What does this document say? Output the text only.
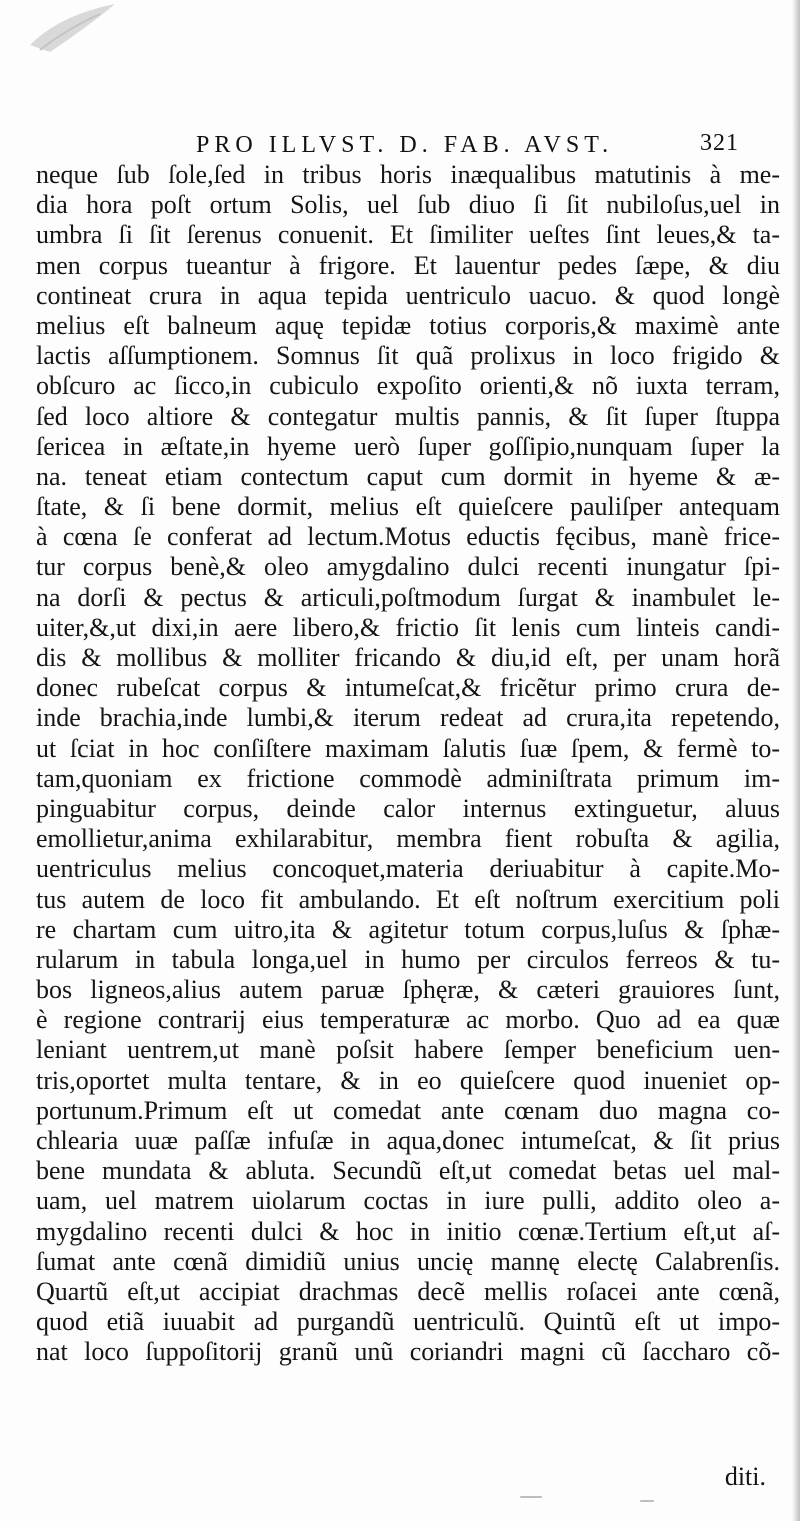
PRO ILLVST. D. FAB. AVST.	321
neque ſub ſole,ſed in tribus horis inæqualibus matutinis à me-
dia hora poſt ortum Solis, uel ſub diuo ſi ſit nubiloſus,uel in
umbra ſi ſit ſerenus conuenit. Et ſimiliter ueſtes ſint leues,& ta-
men corpus tueantur à frigore. Et lauentur pedes ſæpe, & diu
contineat crura in aqua tepida uentriculo uacuo. & quod longè
melius eſt balneum aquę tepidæ totius corporis,& maximè ante
lactis aſſumptionem. Somnus ſit quã prolixus in loco frigido &
obſcuro ac ſicco,in cubiculo expoſito orienti,& nõ iuxta terram,
ſed loco altiore & contegatur multis pannis, & ſit ſuper ſtuppa
ſericea in æſtate,in hyeme uerò ſuper goſſipio,nunquam ſuper la
na. teneat etiam contectum caput cum dormit in hyeme & æ-
ſtate, & ſi bene dormit, melius eſt quieſcere pauliſper antequam
à cœna ſe conferat ad lectum.Motus eductis fęcibus, manè frice-
tur corpus benè,& oleo amygdalino dulci recenti inungatur ſpi-
na dorſi & pectus & articuli,poſtmodum ſurgat & inambulet le-
uiter,&,ut dixi,in aere libero,& frictio ſit lenis cum linteis candi-
dis & mollibus & molliter fricando & diu,id eſt, per unam horã
donec rubeſcat corpus & intumeſcat,& fricẽtur primo crura de-
inde brachia,inde lumbi,& iterum redeat ad crura,ita repetendo,
ut ſciat in hoc conſiſtere maximam ſalutis ſuæ ſpem, & fermè to-
tam,quoniam ex frictione commodè adminiſtrata primum im-
pinguabitur corpus, deinde calor internus extinguetur, aluus
emollietur,anima exhilarabitur, membra fient robuſta & agilia,
uentriculus melius concoquet,materia deriuabitur à capite.Mo-
tus autem de loco fit ambulando. Et eſt noſtrum exercitium poli
re chartam cum uitro,ita & agitetur totum corpus,luſus & ſphæ-
rularum in tabula longa,uel in humo per circulos ferreos & tu-
bos ligneos,alius autem paruæ ſphęræ, & cæteri grauiores ſunt,
è regione contrarij eius temperaturæ ac morbo. Quo ad ea quæ
leniant uentrem,ut manè poſsit habere ſemper beneficium uen-
tris,oportet multa tentare, & in eo quieſcere quod inueniet op-
portunum.Primum eſt ut comedat ante cœnam duo magna co-
chlearia uuæ paſſæ infuſæ in aqua,donec intumeſcat, & ſit prius
bene mundata & abluta. Secundũ eſt,ut comedat betas uel mal-
uam, uel matrem uiolarum coctas in iure pulli, addito oleo a-
mygdalino recenti dulci & hoc in initio cœnæ.Tertium eſt,ut aſ-
ſumat ante cœnã dimidiũ unius uncię mannę electę Calabrenſis.
Quartũ eſt,ut accipiat drachmas decẽ mellis roſacei ante cœnã,
quod etiã iuuabit ad purgandũ uentriculũ. Quintũ eſt ut impo-
nat loco ſuppoſitorij granũ unũ coriandri magni cũ ſaccharo cõ-
diti.
